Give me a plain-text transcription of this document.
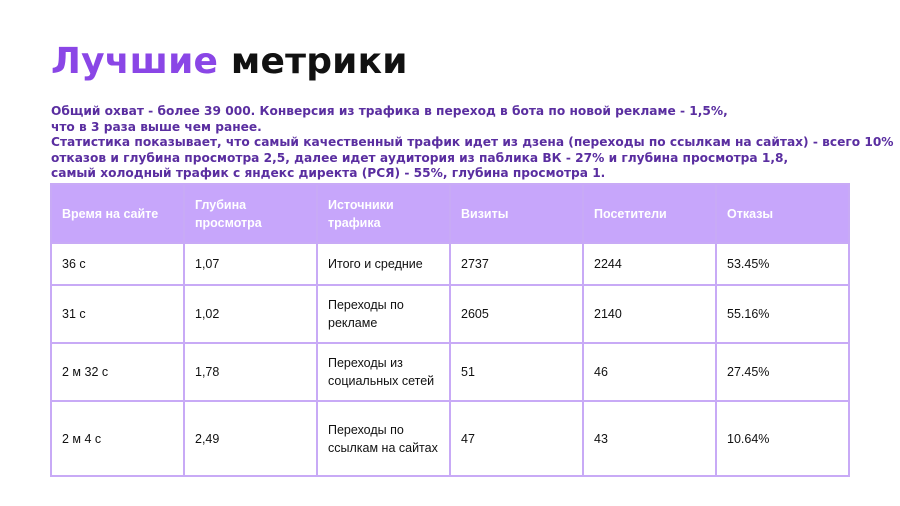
Лучшие метрики

Общий охват - более 39 000. Конверсия из трафика в переход в бота по новой рекламе - 1,5%,
что в 3 раза выше чем ранее.
Статистика показывает, что самый качественный трафик идет из дзена (переходы по ссылкам на сайтах) - всего 10%
отказов и глубина просмотра 2,5, далее идет аудитория из паблика ВК - 27% и глубина просмотра 1,8,
самый холодный трафик с яндекс директа (РСЯ) - 55%, глубина просмотра 1.

Время на сайте	Глубина просмотра	Источники трафика	Визиты	Посетители	Отказы
36 с	1,07	Итого и средние	2737	2244	53.45%
31 с	1,02	Переходы по рекламе	2605	2140	55.16%
2 м 32 с	1,78	Переходы из социальных сетей	51	46	27.45%
2 м 4 с	2,49	Переходы по ссылкам на сайтах	47	43	10.64%
